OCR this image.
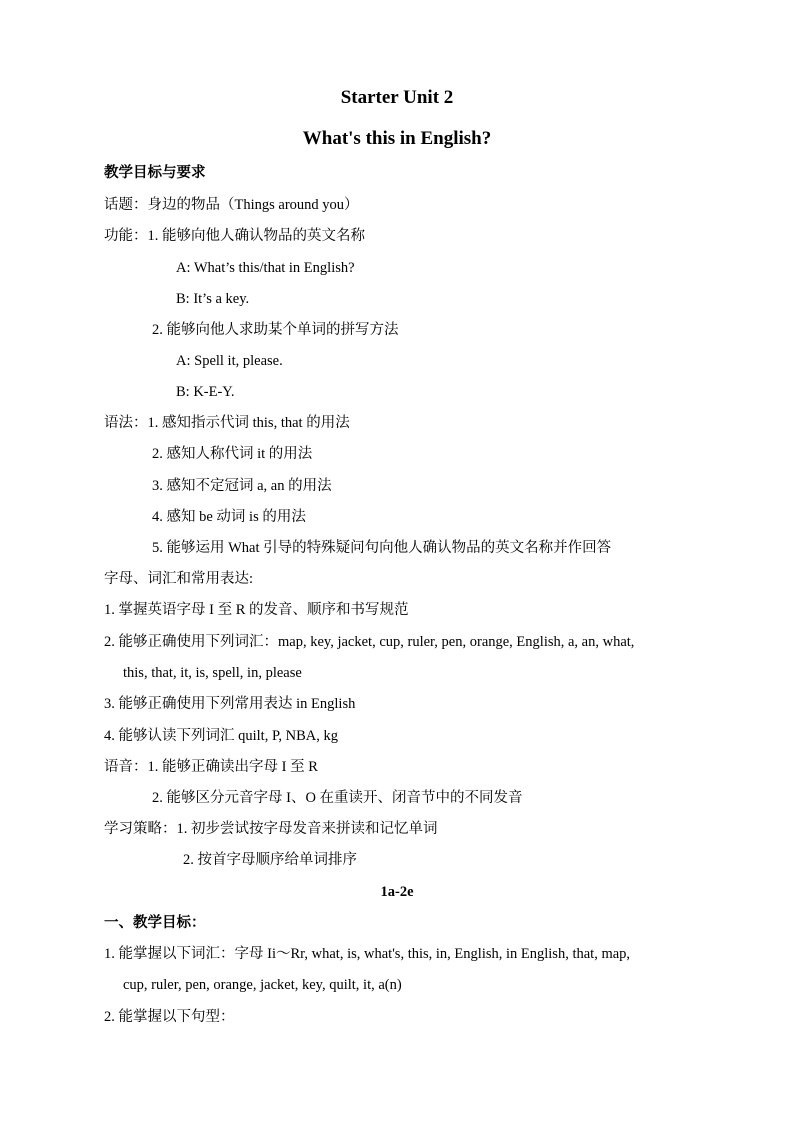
Starter Unit 2
What's this in English?
教学目标与要求
话题：身边的物品（Things around you）
功能：1. 能够向他人确认物品的英文名称
A: What’s this/that in English?
B: It’s a key.
2. 能够向他人求助某个单词的拼写方法
A: Spell it, please.
B: K-E-Y.
语法：1. 感知指示代词 this, that 的用法
2. 感知人称代词 it 的用法
3. 感知不定冠词 a, an 的用法
4. 感知 be 动词 is 的用法
5. 能够运用 What 引导的特殊疑问句向他人确认物品的英文名称并作回答
字母、词汇和常用表达:
1. 掌握英语字母 I 至 R 的发音、顺序和书写规范
2. 能够正确使用下列词汇：map, key, jacket, cup, ruler, pen, orange, English, a, an, what,
this, that, it, is, spell, in, please
3. 能够正确使用下列常用表达 in English
4. 能够认读下列词汇 quilt, P, NBA, kg
语音：1. 能够正确读出字母 I 至 R
2. 能够区分元音字母 I、O 在重读开、闭音节中的不同发音
学习策略：1. 初步尝试按字母发音来拼读和记忆单词
2. 按首字母顺序给单词排序
1a-2e
一、教学目标：
1. 能掌握以下词汇：字母 Ii～Rr, what, is, what's, this, in, English, in English, that, map,
cup, ruler, pen, orange, jacket, key, quilt, it, a(n)
2. 能掌握以下句型：
